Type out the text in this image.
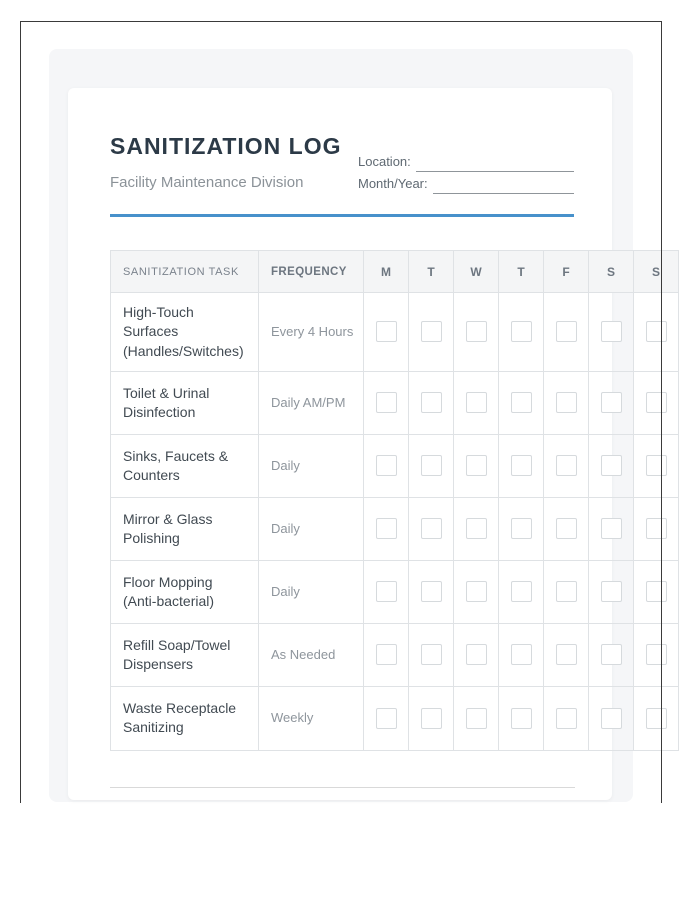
SANITIZATION LOG
Facility Maintenance Division
Location:
Month/Year:
SANITIZATION TASK	FREQUENCY	M	T	W	T	F	S	S
High-Touch Surfaces (Handles/Switches)	Every 4 Hours	

Toilet & Urinal Disinfection	Daily AM/PM	

Sinks, Faucets & Counters	Daily	

Mirror & Glass Polishing	Daily	

Floor Mopping (Anti-bacterial)	Daily	

Refill Soap/Towel Dispensers	As Needed	

Waste Receptacle Sanitizing	Weekly	
